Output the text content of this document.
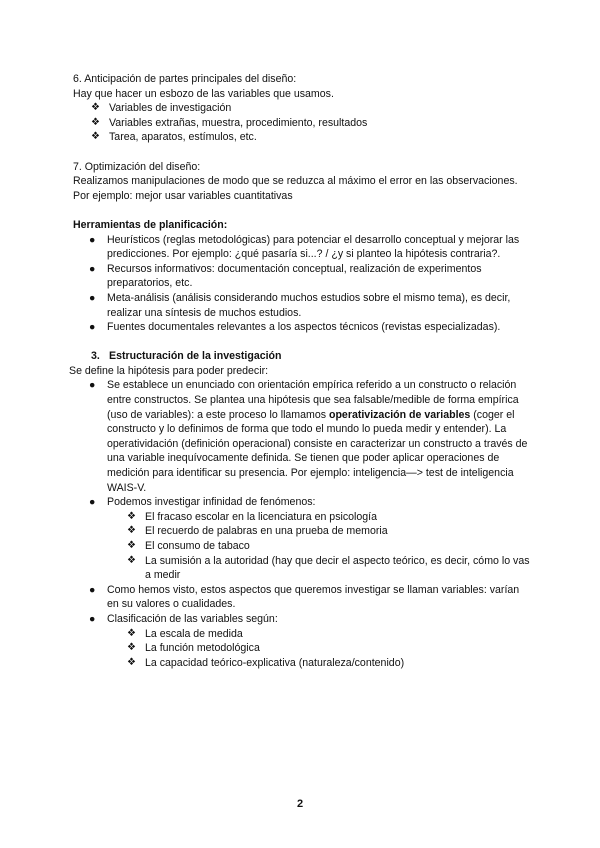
6. Anticipación de partes principales del diseño:

Hay que hacer un esbozo de las variables que usamos.

❖ Variables de investigación
❖ Variables extrañas, muestra, procedimiento, resultados
❖ Tarea, aparatos, estímulos, etc.

7. Optimización del diseño:

Realizamos manipulaciones de modo que se reduzca al máximo el error en las observaciones. Por ejemplo: mejor usar variables cuantitativas

Herramientas de planificación:

● Heurísticos (reglas metodológicas) para potenciar el desarrollo conceptual y mejorar las predicciones. Por ejemplo: ¿qué pasaría si...? / ¿y si planteo la hipótesis contraria?.
● Recursos informativos: documentación conceptual, realización de experimentos preparatorios, etc.
● Meta-análisis (análisis considerando muchos estudios sobre el mismo tema), es decir, realizar una síntesis de muchos estudios.
● Fuentes documentales relevantes a los aspectos técnicos (revistas especializadas).

3. Estructuración de la investigación

Se define la hipótesis para poder predecir:

● Se establece un enunciado con orientación empírica referido a un constructo o relación entre constructos. Se plantea una hipótesis que sea falsable/medible de forma empírica (uso de variables): a este proceso lo llamamos operativización de variables (coger el constructo y lo definimos de forma que todo el mundo lo pueda medir y entender). La operatividación (definición operacional) consiste en caracterizar un constructo a través de una variable inequívocamente definida. Se tienen que poder aplicar operaciones de medición para identificar su presencia. Por ejemplo: inteligencia—> test de inteligencia WAIS-V.
● Podemos investigar infinidad de fenómenos:
❖ El fracaso escolar en la licenciatura en psicología
❖ El recuerdo de palabras en una prueba de memoria
❖ El consumo de tabaco
❖ La sumisión a la autoridad (hay que decir el aspecto teórico, es decir, cómo lo vas a medir
● Como hemos visto, estos aspectos que queremos investigar se llaman variables: varían en su valores o cualidades.
● Clasificación de las variables según:
❖ La escala de medida
❖ La función metodológica
❖ La capacidad teórico-explicativa (naturaleza/contenido)
2
